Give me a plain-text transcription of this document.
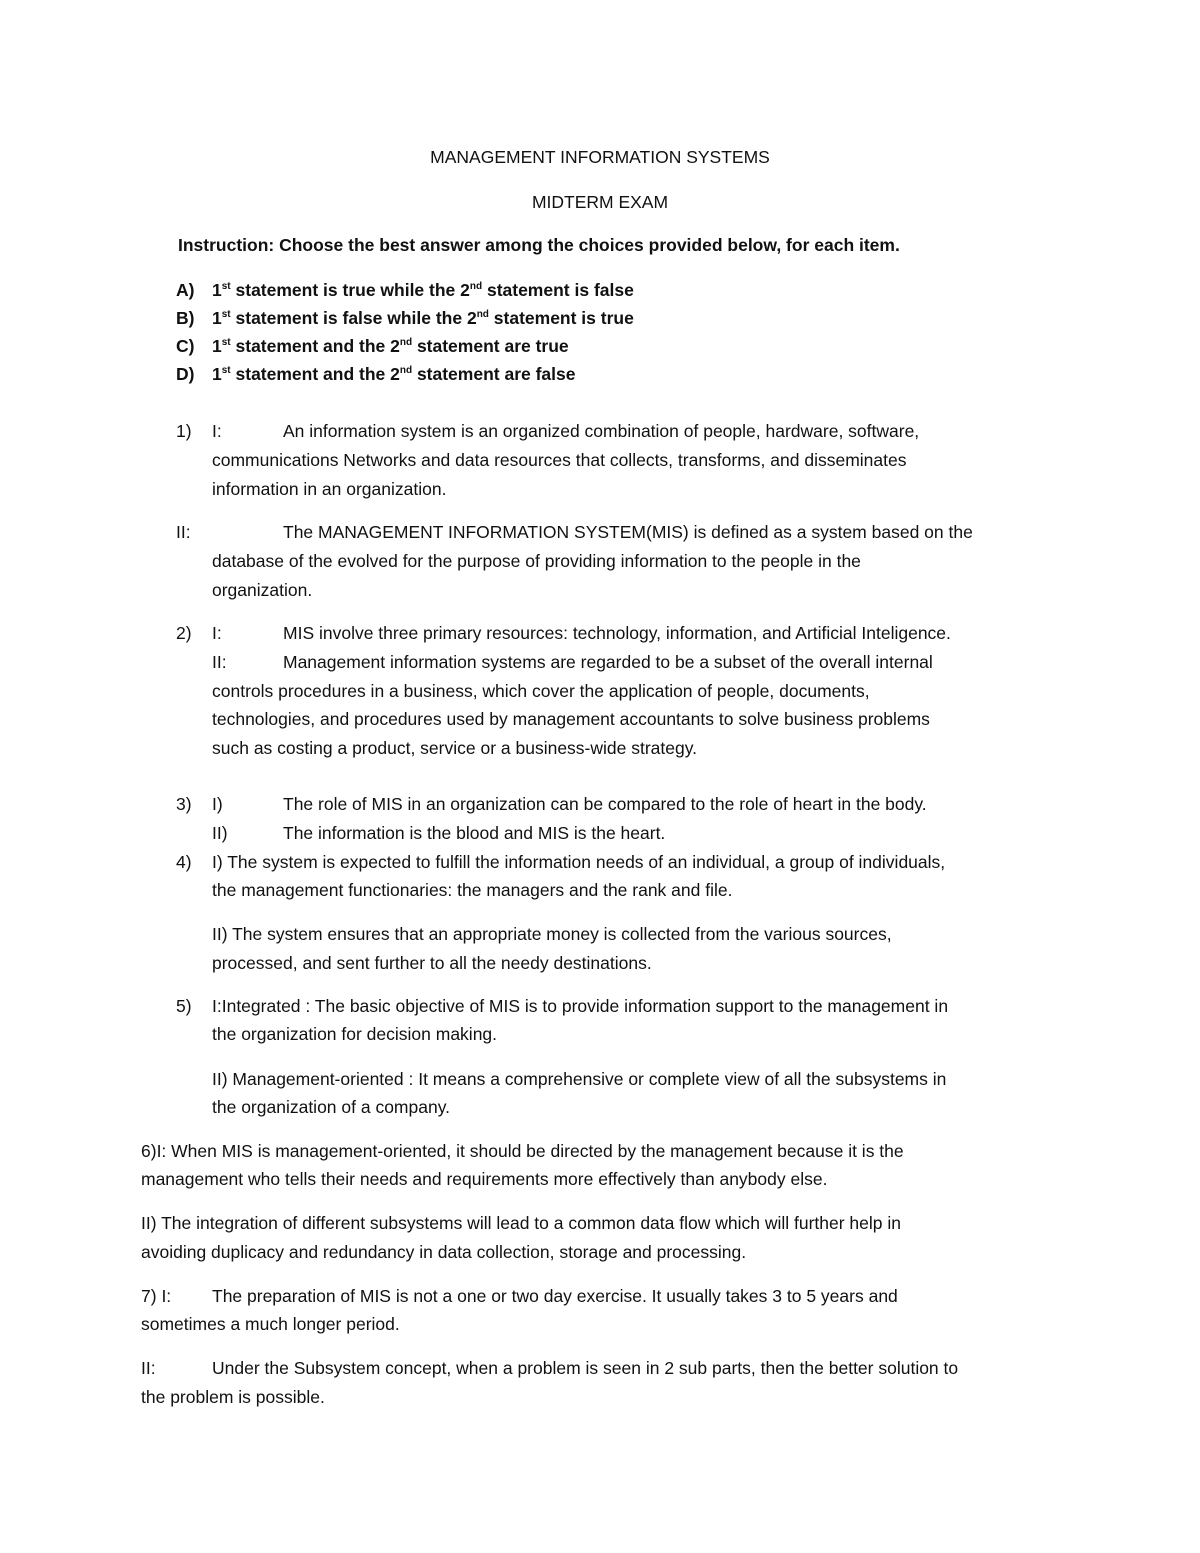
MANAGEMENT INFORMATION SYSTEMS
MIDTERM EXAM
Instruction: Choose the best answer among the choices provided below, for each item.
A) 1st statement is true while the 2nd statement is false
B) 1st statement is false while the 2nd statement is true
C) 1st statement and the 2nd statement are true
D) 1st statement and the 2nd statement are false
1) I:	An information system is an organized combination of people, hardware, software,
communications Networks and data resources that collects, transforms, and disseminates
information in an organization.
II:	The MANAGEMENT INFORMATION SYSTEM(MIS) is defined as a system based on the
database of the evolved for the purpose of providing information to the people in the
organization.
2) I:	MIS involve three primary resources: technology, information, and Artificial Inteligence.
II:	Management information systems are regarded to be a subset of the overall internal
controls procedures in a business, which cover the application of people, documents,
technologies, and procedures used by management accountants to solve business problems
such as costing a product, service or a business-wide strategy.
3) I)	The role of MIS in an organization can be compared to the role of heart in the body.
II)	The information is the blood and MIS is the heart.
4) I) The system is expected to fulfill the information needs of an individual, a group of individuals,
the management functionaries: the managers and the rank and file.
II) The system ensures that an appropriate money is collected from the various sources,
processed, and sent further to all the needy destinations.
5) I:Integrated : The basic objective of MIS is to provide information support to the management in
the organization for decision making.
II) Management-oriented : It means a comprehensive or complete view of all the subsystems in
the organization of a company.
6)I: When MIS is management-oriented, it should be directed by the management because it is the
management who tells their needs and requirements more effectively than anybody else.
II) The integration of different subsystems will lead to a common data flow which will further help in
avoiding duplicacy and redundancy in data collection, storage and processing.
7) I: The preparation of MIS is not a one or two day exercise. It usually takes 3 to 5 years and
sometimes a much longer period.
II:	Under the Subsystem concept, when a problem is seen in 2 sub parts, then the better solution to
the problem is possible.
